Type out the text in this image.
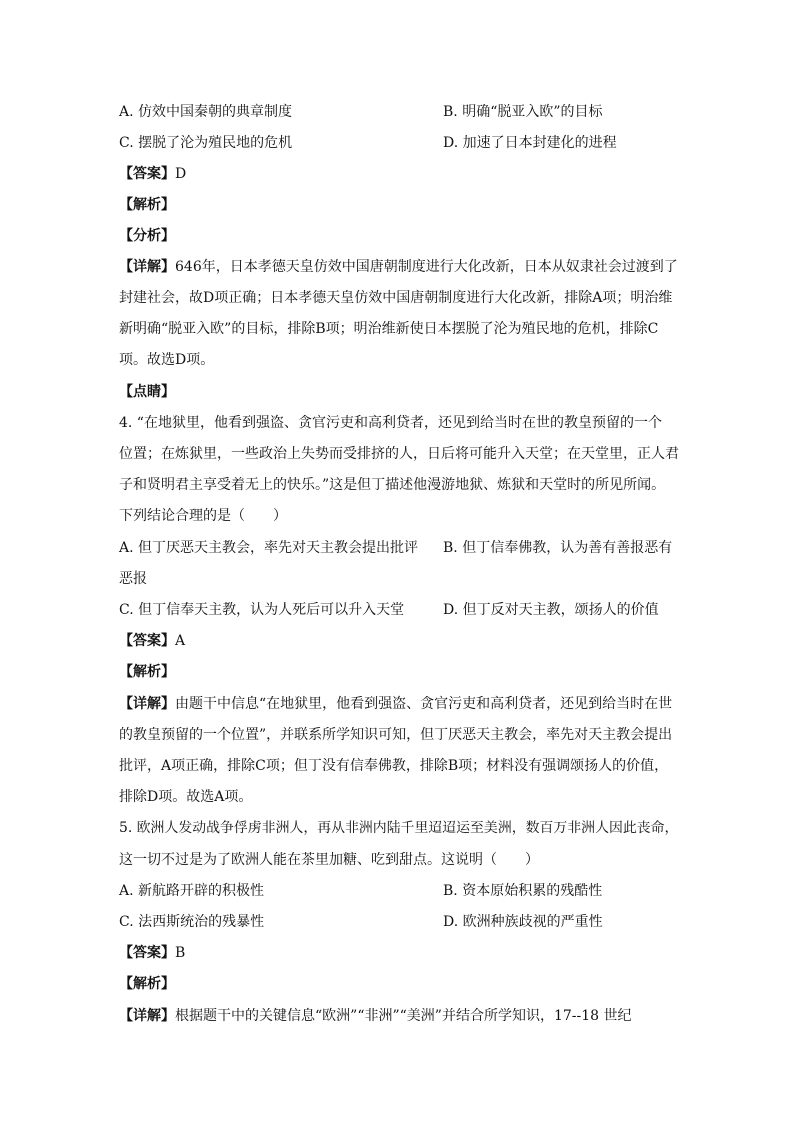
A. 仿效中国秦朝的典章制度	B. 明确“脱亚入欧”的目标
C. 摆脱了沦为殖民地的危机	D. 加速了日本封建化的进程
【答案】D
【解析】
【分析】
【详解】646年，日本孝德天皇仿效中国唐朝制度进行大化改新，日本从奴隶社会过渡到了
封建社会，故D项正确；日本孝德天皇仿效中国唐朝制度进行大化改新，排除A项；明治维
新明确“脱亚入欧”的目标，排除B项；明治维新使日本摆脱了沦为殖民地的危机，排除C
项。故选D项。
【点睛】
4. “在地狱里，他看到强盗、贪官污吏和高利贷者，还见到给当时在世的教皇预留的一个
位置；在炼狱里，一些政治上失势而受排挤的人，日后将可能升入天堂；在天堂里，正人君
子和贤明君主享受着无上的快乐。”这是但丁描述他漫游地狱、炼狱和天堂时的所见所闻。
下列结论合理的是（　　）
A. 但丁厌恶天主教会，率先对天主教会提出批评 B. 但丁信奉佛教，认为善有善报恶有
恶报
C. 但丁信奉天主教，认为人死后可以升入天堂	D. 但丁反对天主教，颂扬人的价值
【答案】A
【解析】
【详解】由题干中信息“在地狱里，他看到强盗、贪官污吏和高利贷者，还见到给当时在世
的教皇预留的一个位置”，并联系所学知识可知，但丁厌恶天主教会，率先对天主教会提出
批评，A项正确，排除C项；但丁没有信奉佛教，排除B项；材料没有强调颂扬人的价值，
排除D项。故选A项。
5. 欧洲人发动战争俘虏非洲人，再从非洲内陆千里迢迢运至美洲，数百万非洲人因此丧命，
这一切不过是为了欧洲人能在茶里加糖、吃到甜点。这说明（　　）
A. 新航路开辟的积极性	B. 资本原始积累的残酷性
C. 法西斯统治的残暴性	D. 欧洲种族歧视的严重性
【答案】B
【解析】
【详解】根据题干中的关键信息“欧洲”“非洲”“美洲”并结合所学知识，17--18 世纪
